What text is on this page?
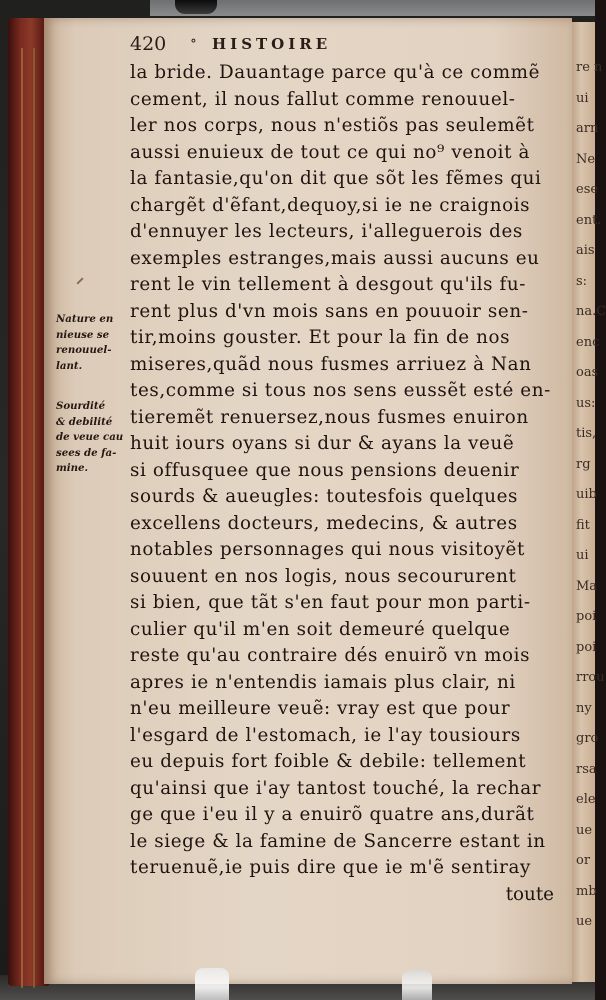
re n
ui
arn
Ne
ese
ent.
ais
s:
na.C
enc
oas
us:
tis,
rg
uib
fit
ui
Ma
poi
poi
rrou
ny
gro
rsa
ele
ue
or
mb
ue
420 ∘ HISTOIRE
Nature en
nieuse se
renouuel-
lant.
Sourdité
& debilité
de veue cau
sees de fa-
mine.
la bride. Dauantage parce qu'à ce commẽ
cement, il nous fallut comme renouuel-
ler nos corps, nous n'estiõs pas seulemẽt
aussi enuieux de tout ce qui no⁹ venoit à
la fantasie,qu'on dit que sõt les fẽmes qui
chargẽt d'ẽfant,dequoy,si ie ne craignois
d'ennuyer les lecteurs, i'alleguerois des
exemples estranges,mais aussi aucuns eu
rent le vin tellement à desgout qu'ils fu-
rent plus d'vn mois sans en pouuoir sen-
tir,moins gouster. Et pour la fin de nos
miseres,quãd nous fusmes arriuez à Nan
tes,comme si tous nos sens eussẽt esté en-
tieremẽt renuersez,nous fusmes enuiron
huit iours oyans si dur & ayans la veuẽ
si offusquee que nous pensions deuenir
sourds & aueugles: toutesfois quelques
excellens docteurs, medecins, & autres
notables personnages qui nous visitoyẽt
souuent en nos logis, nous secoururent
si bien, que tãt s'en faut pour mon parti-
culier qu'il m'en soit demeuré quelque
reste qu'au contraire dés enuirõ vn mois
apres ie n'entendis iamais plus clair, ni
n'eu meilleure veuẽ: vray est que pour
l'esgard de l'estomach, ie l'ay tousiours
eu depuis fort foible & debile: tellement
qu'ainsi que i'ay tantost touché, la rechar
ge que i'eu il y a enuirõ quatre ans,durãt
le siege & la famine de Sancerre estant in
teruenuẽ,ie puis dire que ie m'ẽ sentiray
toute
